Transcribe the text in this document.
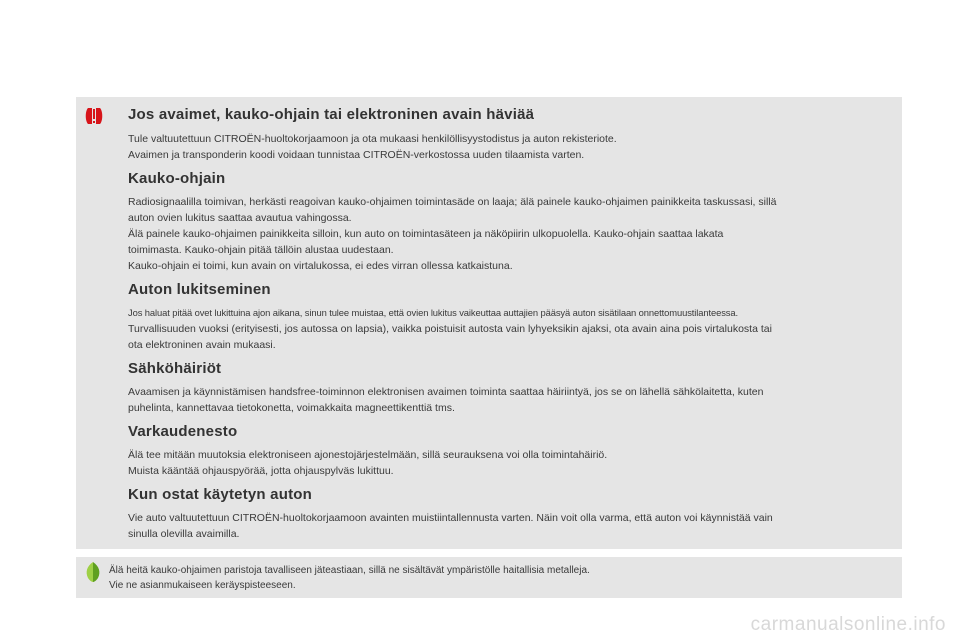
Jos avaimet, kauko-ohjain tai elektroninen avain häviää

Tule valtuutettuun CITROËN-huoltokorjaamoon ja ota mukaasi henkilöllisyystodistus ja auton rekisteriote.

Avaimen ja transponderin koodi voidaan tunnistaa CITROËN-verkostossa uuden tilaamista varten.

Kauko-ohjain

Radiosignaalilla toimivan, herkästi reagoivan kauko-ohjaimen toimintasäde on laaja; älä painele kauko-ohjaimen painikkeita taskussasi, sillä

auton ovien lukitus saattaa avautua vahingossa.

Älä painele kauko-ohjaimen painikkeita silloin, kun auto on toimintasäteen ja näköpiirin ulkopuolella. Kauko-ohjain saattaa lakata

toimimasta. Kauko-ohjain pitää tällöin alustaa uudestaan.

Kauko-ohjain ei toimi, kun avain on virtalukossa, ei edes virran ollessa katkaistuna.

Auton lukitseminen

Jos haluat pitää ovet lukittuina ajon aikana, sinun tulee muistaa, että ovien lukitus vaikeuttaa auttajien pääsyä auton sisätilaan onnettomuustilanteessa.

Turvallisuuden vuoksi (erityisesti, jos autossa on lapsia), vaikka poistuisit autosta vain lyhyeksikin ajaksi, ota avain aina pois virtalukosta tai

ota elektroninen avain mukaasi.

Sähköhäiriöt

Avaamisen ja käynnistämisen handsfree-toiminnon elektronisen avaimen toiminta saattaa häiriintyä, jos se on lähellä sähkölaitetta, kuten

puhelinta, kannettavaa tietokonetta, voimakkaita magneettikenttiä tms.

Varkaudenesto

Älä tee mitään muutoksia elektroniseen ajonestojärjestelmään, sillä seurauksena voi olla toimintahäiriö.

Muista kääntää ohjauspyörää, jotta ohjauspylväs lukittuu.

Kun ostat käytetyn auton

Vie auto valtuutettuun CITROËN-huoltokorjaamoon avainten muistiintallennusta varten. Näin voit olla varma, että auton voi käynnistää vain

sinulla olevilla avaimilla.

Älä heitä kauko-ohjaimen paristoja tavalliseen jäteastiaan, sillä ne sisältävät ympäristölle haitallisia metalleja.

Vie ne asianmukaiseen keräyspisteeseen.

carmanualsonline.info
